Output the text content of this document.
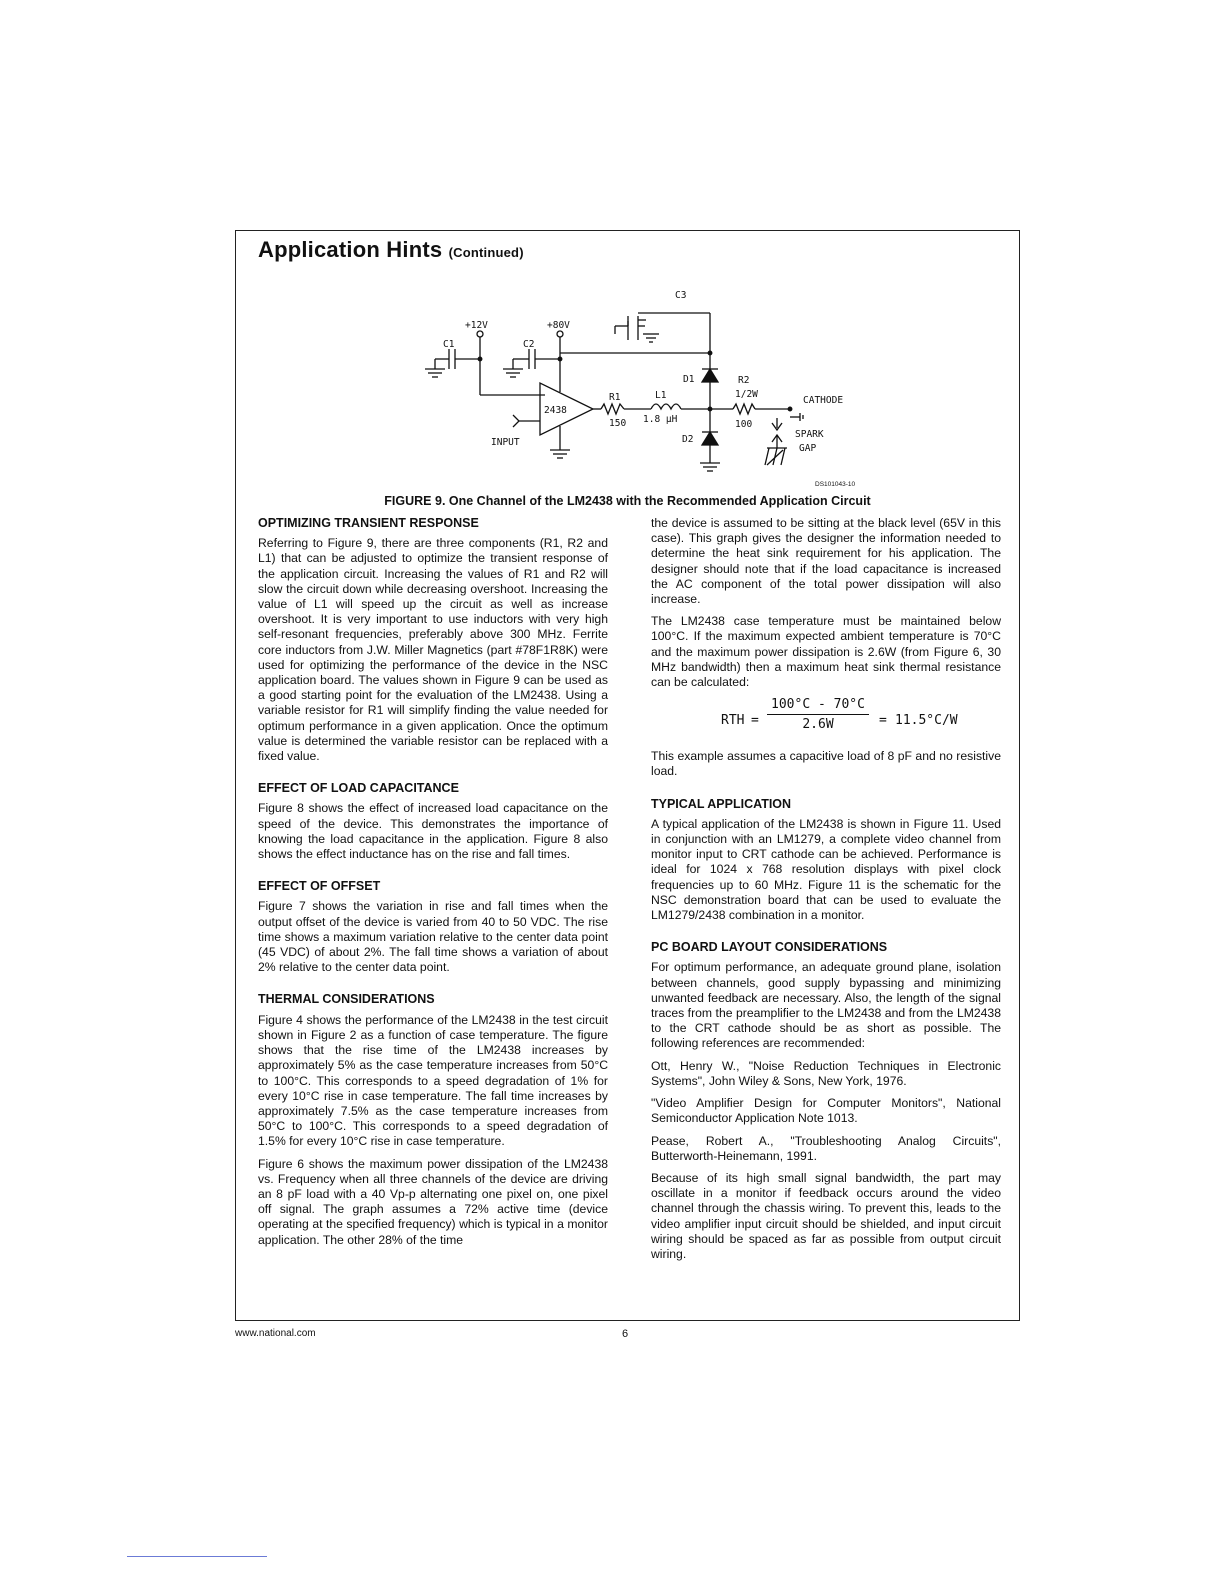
Application Hints (Continued)
C3
+12V	+80V
C1	C2
D1	R2
1/2W
CATHODE
R1	L1
2438
150 1.8 µH	100
SPARK
GAP
D2
INPUT
DS101043-10
FIGURE 9. One Channel of the LM2438 with the Recommended Application Circuit
OPTIMIZING TRANSIENT RESPONSE

Referring to Figure 9, there are three components (R1, R2 and L1) that can be adjusted to optimize the transient response of the application circuit. Increasing the values of R1 and R2 will slow the circuit down while decreasing overshoot. Increasing the value of L1 will speed up the circuit as well as increase overshoot. It is very important to use inductors with very high self-resonant frequencies, preferably above 300 MHz. Ferrite core inductors from J.W. Miller Magnetics (part #78F1R8K) were used for optimizing the performance of the device in the NSC application board. The values shown in Figure 9 can be used as a good starting point for the evaluation of the LM2438. Using a variable resistor for R1 will simplify finding the value needed for optimum performance in a given application. Once the optimum value is determined the variable resistor can be replaced with a fixed value.

EFFECT OF LOAD CAPACITANCE

Figure 8 shows the effect of increased load capacitance on the speed of the device. This demonstrates the importance of knowing the load capacitance in the application. Figure 8 also shows the effect inductance has on the rise and fall times.

EFFECT OF OFFSET

Figure 7 shows the variation in rise and fall times when the output offset of the device is varied from 40 to 50 VDC. The rise time shows a maximum variation relative to the center data point (45 VDC) of about 2%. The fall time shows a variation of about 2% relative to the center data point.

THERMAL CONSIDERATIONS

Figure 4 shows the performance of the LM2438 in the test circuit shown in Figure 2 as a function of case temperature. The figure shows that the rise time of the LM2438 increases by approximately 5% as the case temperature increases from 50°C to 100°C. This corresponds to a speed degradation of 1% for every 10°C rise in case temperature. The fall time increases by approximately 7.5% as the case temperature increases from 50°C to 100°C. This corresponds to a speed degradation of 1.5% for every 10°C rise in case temperature.

Figure 6 shows the maximum power dissipation of the LM2438 vs. Frequency when all three channels of the device are driving an 8 pF load with a 40 Vp-p alternating one pixel on, one pixel off signal. The graph assumes a 72% active time (device operating at the specified frequency) which is typical in a monitor application. The other 28% of the time

the device is assumed to be sitting at the black level (65V in this case). This graph gives the designer the information needed to determine the heat sink requirement for his application. The designer should note that if the load capacitance is increased the AC component of the total power dissipation will also increase.

The LM2438 case temperature must be maintained below 100°C. If the maximum expected ambient temperature is 70°C and the maximum power dissipation is 2.6W (from Figure 6, 30 MHz bandwidth) then a maximum heat sink thermal resistance can be calculated:

RTH =
100°C - 70°C
2.6W	= 11.5°C/W

This example assumes a capacitive load of 8 pF and no resistive load.

TYPICAL APPLICATION

A typical application of the LM2438 is shown in Figure 11. Used in conjunction with an LM1279, a complete video channel from monitor input to CRT cathode can be achieved. Performance is ideal for 1024 x 768 resolution displays with pixel clock frequencies up to 60 MHz. Figure 11 is the schematic for the NSC demonstration board that can be used to evaluate the LM1279/2438 combination in a monitor.

PC BOARD LAYOUT CONSIDERATIONS

For optimum performance, an adequate ground plane, isolation between channels, good supply bypassing and minimizing unwanted feedback are necessary. Also, the length of the signal traces from the preamplifier to the LM2438 and from the LM2438 to the CRT cathode should be as short as possible. The following references are recommended:

Ott, Henry W., "Noise Reduction Techniques in Electronic Systems", John Wiley & Sons, New York, 1976.

"Video Amplifier Design for Computer Monitors", National Semiconductor Application Note 1013.

Pease, Robert A., "Troubleshooting Analog Circuits", Butterworth-Heinemann, 1991.

Because of its high small signal bandwidth, the part may oscillate in a monitor if feedback occurs around the video channel through the chassis wiring. To prevent this, leads to the video amplifier input circuit should be shielded, and input circuit wiring should be spaced as far as possible from output circuit wiring.

www.national.com	6
